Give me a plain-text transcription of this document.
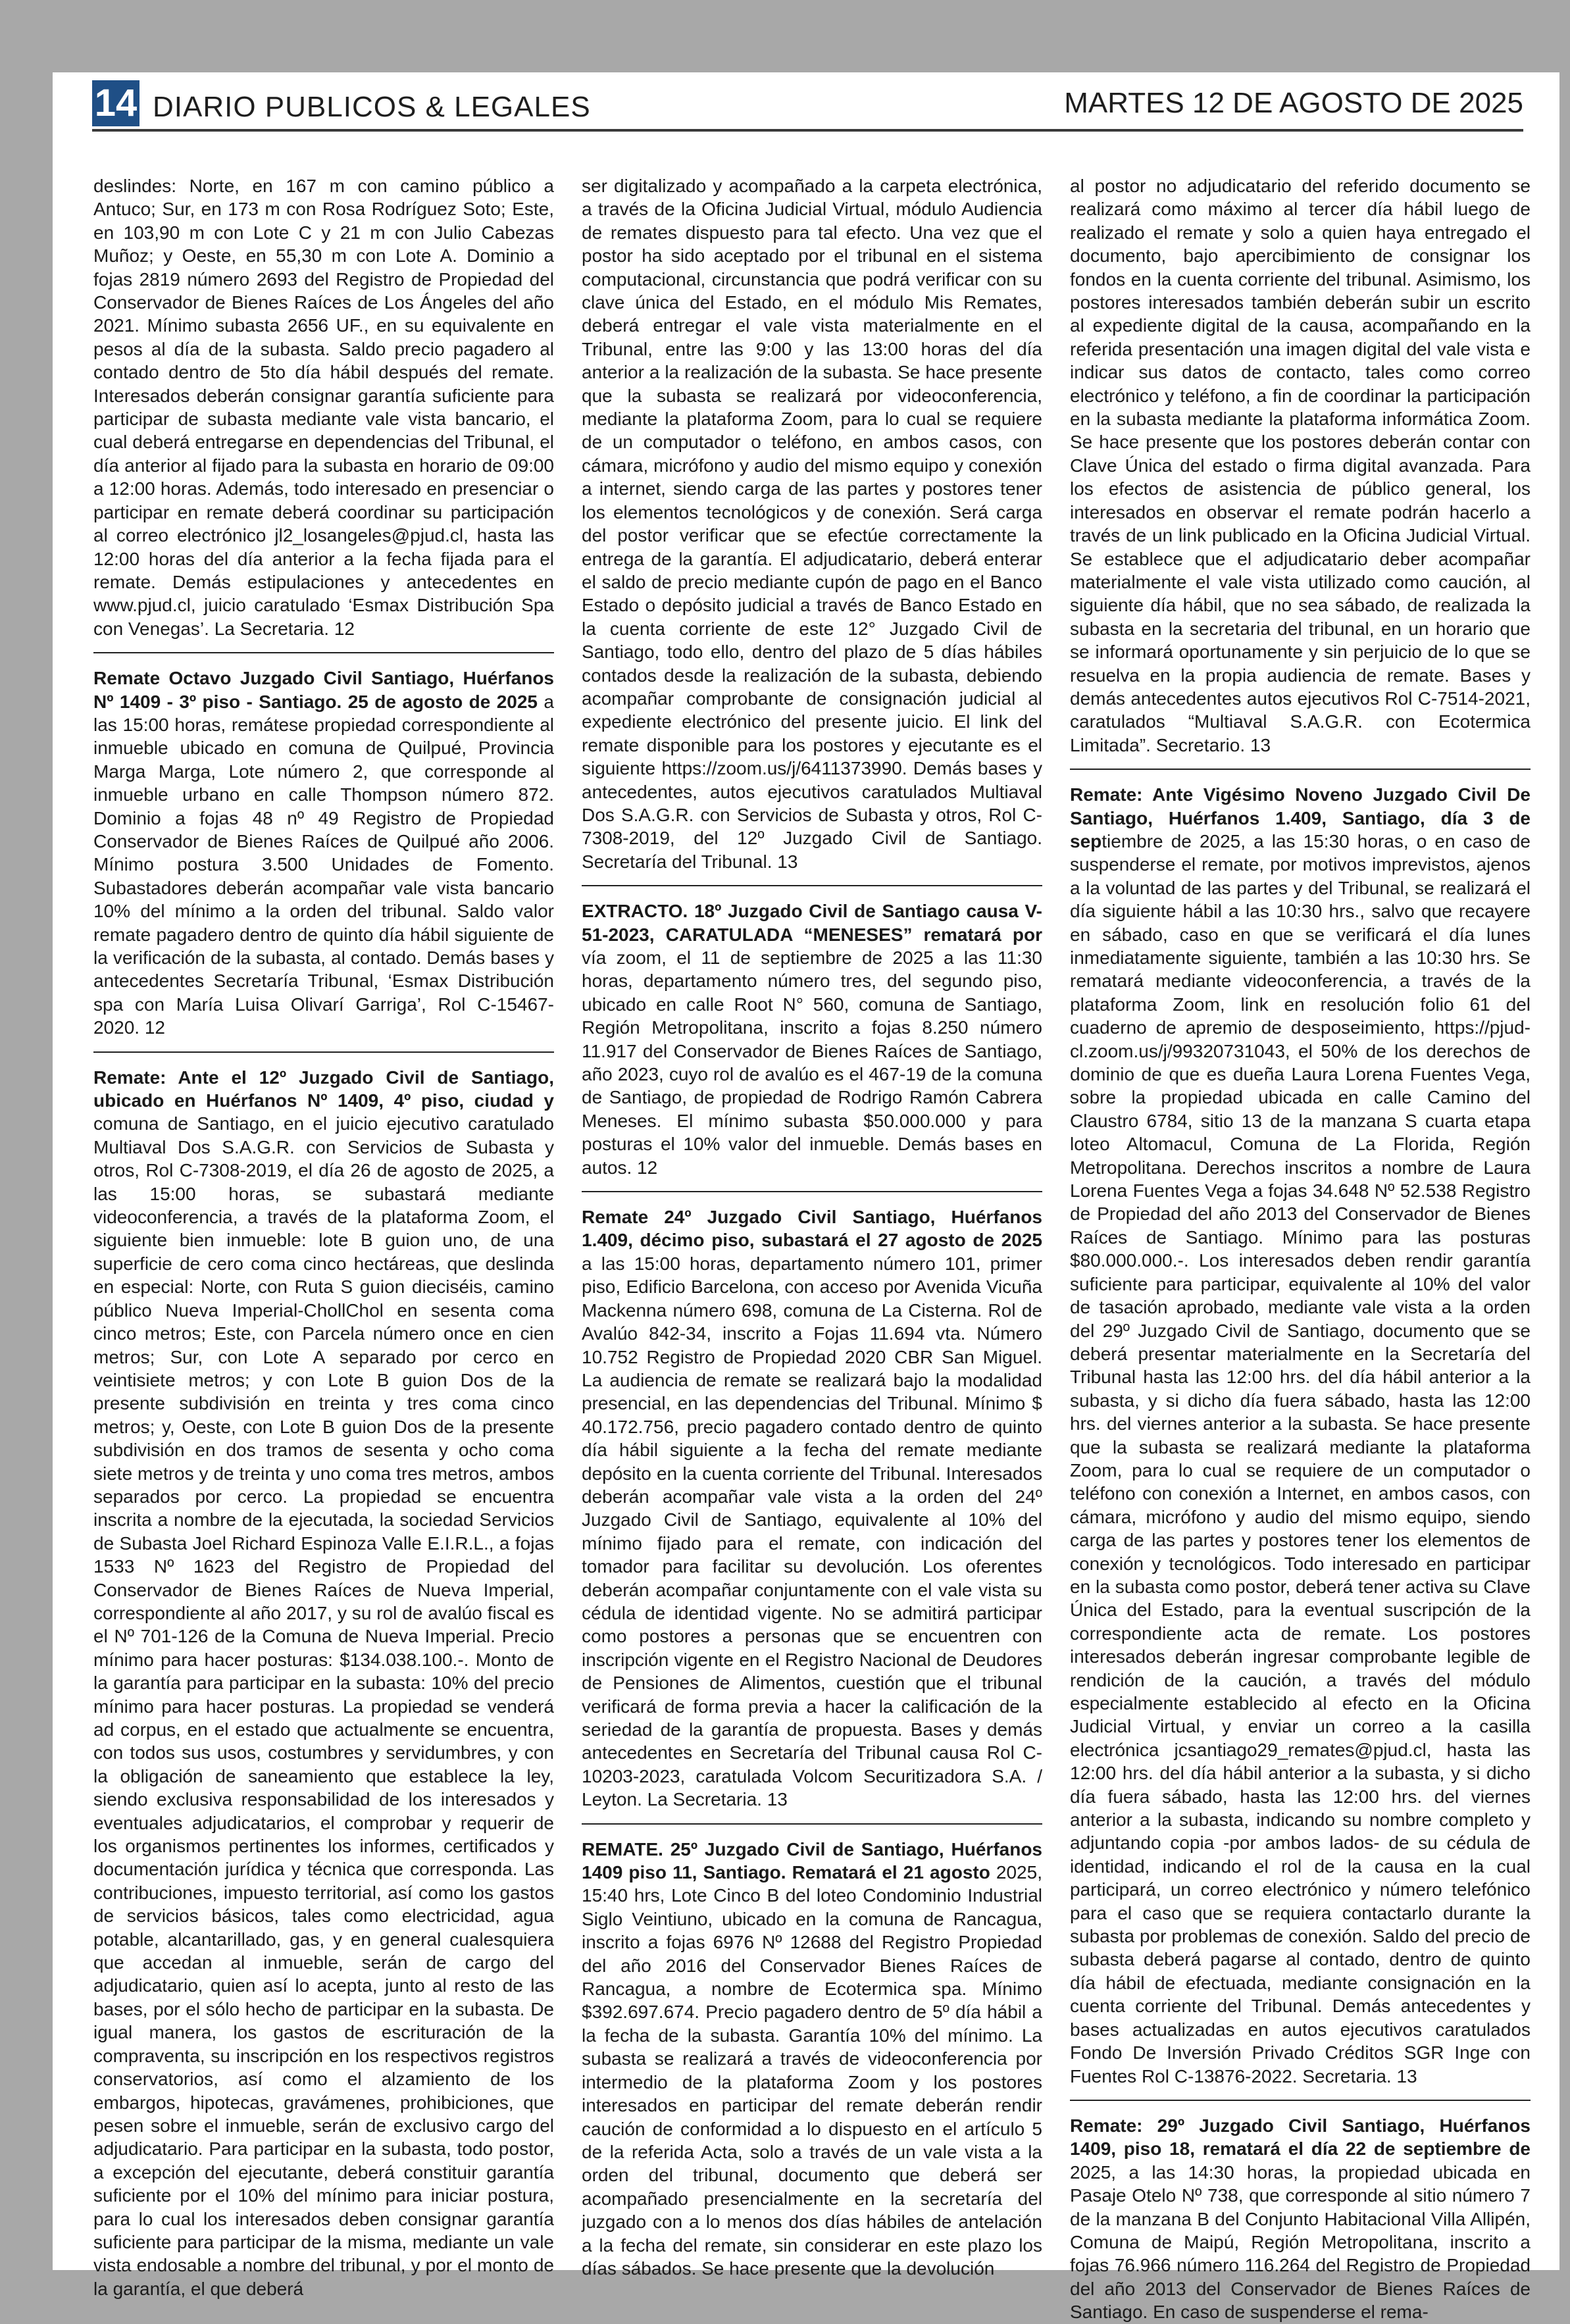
14 DIARIO PUBLICOS & LEGALES	MARTES 12 DE AGOSTO DE 2025

deslindes: Norte, en 167 m con camino público a Antuco; Sur, en 173 m con Rosa Rodríguez Soto; Este, en 103,90 m con Lote C y 21 m con Julio Cabezas Muñoz; y Oeste, en 55,30 m con Lote A. Dominio a fojas 2819 número 2693 del Registro de Propiedad del Conservador de Bienes Raíces de Los Ángeles del año 2021. Mínimo subasta 2656 UF., en su equivalente en pesos al día de la subasta. Saldo precio pagadero al contado dentro de 5to día hábil después del remate. Interesados deberán consignar garantía suficiente para participar de subasta mediante vale vista bancario, el cual deberá entregarse en dependencias del Tribunal, el día anterior al fijado para la subasta en horario de 09:00 a 12:00 horas. Además, todo interesado en presenciar o participar en remate deberá coordinar su participación al correo electrónico jl2_losangeles@pjud.cl, hasta las 12:00 horas del día anterior a la fecha fijada para el remate. Demás estipulaciones y antecedentes en www.pjud.cl, juicio caratulado ‘Esmax Distribución Spa con Venegas’. La Secretaria. 12

Remate Octavo Juzgado Civil Santiago, Huérfanos Nº 1409 - 3º piso - Santiago. 25 de agosto de 2025 a las 15:00 horas, remátese propiedad correspondiente al inmueble ubicado en comuna de Quilpué, Provincia Marga Marga, Lote número 2, que corresponde al inmueble urbano en calle Thompson número 872. Dominio a fojas 48 nº 49 Registro de Propiedad Conservador de Bienes Raíces de Quilpué año 2006. Mínimo postura 3.500 Unidades de Fomento. Subastadores deberán acompañar vale vista bancario 10% del mínimo a la orden del tribunal. Saldo valor remate pagadero dentro de quinto día hábil siguiente de la verificación de la subasta, al contado. Demás bases y antecedentes Secretaría Tribunal, ‘Esmax Distribución spa con María Luisa Olivarí Garriga’, Rol C-15467-2020. 12

Remate: Ante el 12º Juzgado Civil de Santiago, ubicado en Huérfanos Nº 1409, 4º piso, ciudad y comuna de Santiago, en el juicio ejecutivo caratulado Multiaval Dos S.A.G.R. con Servicios de Subasta y otros, Rol C-7308-2019, el día 26 de agosto de 2025, a las 15:00 horas, se subastará mediante videoconferencia, a través de la plataforma Zoom, el siguiente bien inmueble: lote B guion uno, de una superficie de cero coma cinco hectáreas, que deslinda en especial: Norte, con Ruta S guion dieciséis, camino público Nueva Imperial-ChollChol en sesenta coma cinco metros; Este, con Parcela número once en cien metros; Sur, con Lote A separado por cerco en veintisiete metros; y con Lote B guion Dos de la presente subdivisión en treinta y tres coma cinco metros; y, Oeste, con Lote B guion Dos de la presente subdivisión en dos tramos de sesenta y ocho coma siete metros y de treinta y uno coma tres metros, ambos separados por cerco. La propiedad se encuentra inscrita a nombre de la ejecutada, la sociedad Servicios de Subasta Joel Richard Espinoza Valle E.I.R.L., a fojas 1533 Nº 1623 del Registro de Propiedad del Conservador de Bienes Raíces de Nueva Imperial, correspondiente al año 2017, y su rol de avalúo fiscal es el Nº 701-126 de la Comuna de Nueva Imperial. Precio mínimo para hacer posturas: $134.038.100.-. Monto de la garantía para participar en la subasta: 10% del precio mínimo para hacer posturas. La propiedad se venderá ad corpus, en el estado que actualmente se encuentra, con todos sus usos, costumbres y servidumbres, y con la obligación de saneamiento que establece la ley, siendo exclusiva responsabilidad de los interesados y eventuales adjudicatarios, el comprobar y requerir de los organismos pertinentes los informes, certificados y documentación jurídica y técnica que corresponda. Las contribuciones, impuesto territorial, así como los gastos de servicios básicos, tales como electricidad, agua potable, alcantarillado, gas, y en general cualesquiera que accedan al inmueble, serán de cargo del adjudicatario, quien así lo acepta, junto al resto de las bases, por el sólo hecho de participar en la subasta. De igual manera, los gastos de escrituración de la compraventa, su inscripción en los respectivos registros conservatorios, así como el alzamiento de los embargos, hipotecas, gravámenes, prohibiciones, que pesen sobre el inmueble, serán de exclusivo cargo del adjudicatario. Para participar en la subasta, todo postor, a excepción del ejecutante, deberá constituir garantía suficiente por el 10% del mínimo para iniciar postura, para lo cual los interesados deben consignar garantía suficiente para participar de la misma, mediante un vale vista endosable a nombre del tribunal, y por el monto de la garantía, el que deberá

ser digitalizado y acompañado a la carpeta electrónica, a través de la Oficina Judicial Virtual, módulo Audiencia de remates dispuesto para tal efecto. Una vez que el postor ha sido aceptado por el tribunal en el sistema computacional, circunstancia que podrá verificar con su clave única del Estado, en el módulo Mis Remates, deberá entregar el vale vista materialmente en el Tribunal, entre las 9:00 y las 13:00 horas del día anterior a la realización de la subasta. Se hace presente que la subasta se realizará por videoconferencia, mediante la plataforma Zoom, para lo cual se requiere de un computador o teléfono, en ambos casos, con cámara, micrófono y audio del mismo equipo y conexión a internet, siendo carga de las partes y postores tener los elementos tecnológicos y de conexión. Será carga del postor verificar que se efectúe correctamente la entrega de la garantía. El adjudicatario, deberá enterar el saldo de precio mediante cupón de pago en el Banco Estado o depósito judicial a través de Banco Estado en la cuenta corriente de este 12° Juzgado Civil de Santiago, todo ello, dentro del plazo de 5 días hábiles contados desde la realización de la subasta, debiendo acompañar comprobante de consignación judicial al expediente electrónico del presente juicio. El link del remate disponible para los postores y ejecutante es el siguiente https://zoom.us/j/6411373990. Demás bases y antecedentes, autos ejecutivos caratulados Multiaval Dos S.A.G.R. con Servicios de Subasta y otros, Rol C-7308-2019, del 12º Juzgado Civil de Santiago. Secretaría del Tribunal. 13

EXTRACTO. 18º Juzgado Civil de Santiago causa V-51-2023, CARATULADA “MENESES” rematará por vía zoom, el 11 de septiembre de 2025 a las 11:30 horas, departamento número tres, del segundo piso, ubicado en calle Root N° 560, comuna de Santiago, Región Metropolitana, inscrito a fojas 8.250 número 11.917 del Conservador de Bienes Raíces de Santiago, año 2023, cuyo rol de avalúo es el 467-19 de la comuna de Santiago, de propiedad de Rodrigo Ramón Cabrera Meneses. El mínimo subasta $50.000.000 y para posturas el 10% valor del inmueble. Demás bases en autos. 12

Remate 24º Juzgado Civil Santiago, Huérfanos 1.409, décimo piso, subastará el 27 agosto de 2025 a las 15:00 horas, departamento número 101, primer piso, Edificio Barcelona, con acceso por Avenida Vicuña Mackenna número 698, comuna de La Cisterna. Rol de Avalúo 842-34, inscrito a Fojas 11.694 vta. Número 10.752 Registro de Propiedad 2020 CBR San Miguel. La audiencia de remate se realizará bajo la modalidad presencial, en las dependencias del Tribunal. Mínimo $ 40.172.756, precio pagadero contado dentro de quinto día hábil siguiente a la fecha del remate mediante depósito en la cuenta corriente del Tribunal. Interesados deberán acompañar vale vista a la orden del 24º Juzgado Civil de Santiago, equivalente al 10% del mínimo fijado para el remate, con indicación del tomador para facilitar su devolución. Los oferentes deberán acompañar conjuntamente con el vale vista su cédula de identidad vigente. No se admitirá participar como postores a personas que se encuentren con inscripción vigente en el Registro Nacional de Deudores de Pensiones de Alimentos, cuestión que el tribunal verificará de forma previa a hacer la calificación de la seriedad de la garantía de propuesta. Bases y demás antecedentes en Secretaría del Tribunal causa Rol C-10203-2023, caratulada Volcom Securitizadora S.A. / Leyton. La Secretaria. 13

REMATE. 25º Juzgado Civil de Santiago, Huérfanos 1409 piso 11, Santiago. Rematará el 21 agosto 2025, 15:40 hrs, Lote Cinco B del loteo Condominio Industrial Siglo Veintiuno, ubicado en la comuna de Rancagua, inscrito a fojas 6976 Nº 12688 del Registro Propiedad del año 2016 del Conservador Bienes Raíces de Rancagua, a nombre de Ecotermica spa. Mínimo $392.697.674. Precio pagadero dentro de 5º día hábil a la fecha de la subasta. Garantía 10% del mínimo. La subasta se realizará a través de videoconferencia por intermedio de la plataforma Zoom y los postores interesados en participar del remate deberán rendir caución de conformidad a lo dispuesto en el artículo 5 de la referida Acta, solo a través de un vale vista a la orden del tribunal, documento que deberá ser acompañado presencialmente en la secretaría del juzgado con a lo menos dos días hábiles de antelación a la fecha del remate, sin considerar en este plazo los días sábados. Se hace presente que la devolución

al postor no adjudicatario del referido documento se realizará como máximo al tercer día hábil luego de realizado el remate y solo a quien haya entregado el documento, bajo apercibimiento de consignar los fondos en la cuenta corriente del tribunal. Asimismo, los postores interesados también deberán subir un escrito al expediente digital de la causa, acompañando en la referida presentación una imagen digital del vale vista e indicar sus datos de contacto, tales como correo electrónico y teléfono, a fin de coordinar la participación en la subasta mediante la plataforma informática Zoom. Se hace presente que los postores deberán contar con Clave Única del estado o firma digital avanzada. Para los efectos de asistencia de público general, los interesados en observar el remate podrán hacerlo a través de un link publicado en la Oficina Judicial Virtual. Se establece que el adjudicatario deber acompañar materialmente el vale vista utilizado como caución, al siguiente día hábil, que no sea sábado, de realizada la subasta en la secretaria del tribunal, en un horario que se informará oportunamente y sin perjuicio de lo que se resuelva en la propia audiencia de remate. Bases y demás antecedentes autos ejecutivos Rol C-7514-2021, caratulados “Multiaval S.A.G.R. con Ecotermica Limitada”. Secretario. 13

Remate: Ante Vigésimo Noveno Juzgado Civil De Santiago, Huérfanos 1.409, Santiago, día 3 de septiembre de 2025, a las 15:30 horas, o en caso de suspenderse el remate, por motivos imprevistos, ajenos a la voluntad de las partes y del Tribunal, se realizará el día siguiente hábil a las 10:30 hrs., salvo que recayere en sábado, caso en que se verificará el día lunes inmediatamente siguiente, también a las 10:30 hrs. Se rematará mediante videoconferencia, a través de la plataforma Zoom, link en resolución folio 61 del cuaderno de apremio de desposeimiento, https://pjud-cl.zoom.us/j/99320731043, el 50% de los derechos de dominio de que es dueña Laura Lorena Fuentes Vega, sobre la propiedad ubicada en calle Camino del Claustro 6784, sitio 13 de la manzana S cuarta etapa loteo Altomacul, Comuna de La Florida, Región Metropolitana. Derechos inscritos a nombre de Laura Lorena Fuentes Vega a fojas 34.648 Nº 52.538 Registro de Propiedad del año 2013 del Conservador de Bienes Raíces de Santiago. Mínimo para las posturas $80.000.000.-. Los interesados deben rendir garantía suficiente para participar, equivalente al 10% del valor de tasación aprobado, mediante vale vista a la orden del 29º Juzgado Civil de Santiago, documento que se deberá presentar materialmente en la Secretaría del Tribunal hasta las 12:00 hrs. del día hábil anterior a la subasta, y si dicho día fuera sábado, hasta las 12:00 hrs. del viernes anterior a la subasta. Se hace presente que la subasta se realizará mediante la plataforma Zoom, para lo cual se requiere de un computador o teléfono con conexión a Internet, en ambos casos, con cámara, micrófono y audio del mismo equipo, siendo carga de las partes y postores tener los elementos de conexión y tecnológicos. Todo interesado en participar en la subasta como postor, deberá tener activa su Clave Única del Estado, para la eventual suscripción de la correspondiente acta de remate. Los postores interesados deberán ingresar comprobante legible de rendición de la caución, a través del módulo especialmente establecido al efecto en la Oficina Judicial Virtual, y enviar un correo a la casilla electrónica jcsantiago29_remates@pjud.cl, hasta las 12:00 hrs. del día hábil anterior a la subasta, y si dicho día fuera sábado, hasta las 12:00 hrs. del viernes anterior a la subasta, indicando su nombre completo y adjuntando copia -por ambos lados- de su cédula de identidad, indicando el rol de la causa en la cual participará, un correo electrónico y número telefónico para el caso que se requiera contactarlo durante la subasta por problemas de conexión. Saldo del precio de subasta deberá pagarse al contado, dentro de quinto día hábil de efectuada, mediante consignación en la cuenta corriente del Tribunal. Demás antecedentes y bases actualizadas en autos ejecutivos caratulados Fondo De Inversión Privado Créditos SGR Inge con Fuentes Rol C-13876-2022. Secretaria. 13

Remate: 29º Juzgado Civil Santiago, Huérfanos 1409, piso 18, rematará el día 22 de septiembre de 2025, a las 14:30 horas, la propiedad ubicada en Pasaje Otelo Nº 738, que corresponde al sitio número 7 de la manzana B del Conjunto Habitacional Villa Allipén, Comuna de Maipú, Región Metropolitana, inscrito a fojas 76.966 número 116.264 del Registro de Propiedad del año 2013 del Conservador de Bienes Raíces de Santiago. En caso de suspenderse el rema-
